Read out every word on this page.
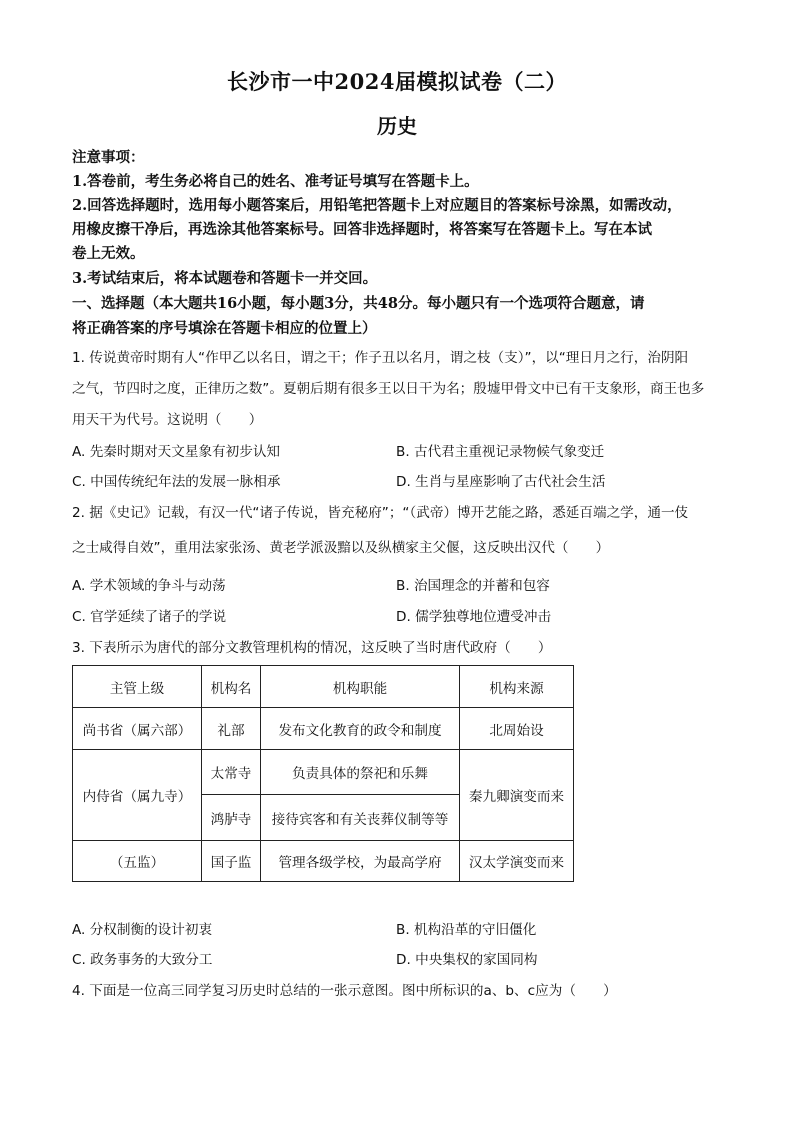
长沙市一中2024届模拟试卷（二）
历史
注意事项：
1.答卷前，考生务必将自己的姓名、准考证号填写在答题卡上。
2.回答选择题时，选用每小题答案后，用铅笔把答题卡上对应题目的答案标号涂黑，如需改动，
用橡皮擦干净后，再选涂其他答案标号。回答非选择题时，将答案写在答题卡上。写在本试
卷上无效。
3.考试结束后，将本试题卷和答题卡一并交回。
一、选择题（本大题共16小题，每小题3分，共48分。每小题只有一个选项符合题意，请
将正确答案的序号填涂在答题卡相应的位置上）
1. 传说黄帝时期有人“作甲乙以名日，谓之干；作子丑以名月，谓之枝（支）”，以“理日月之行，治阴阳
之气，节四时之度，正律历之数”。夏朝后期有很多王以日干为名；殷墟甲骨文中已有干支象形，商王也多
用天干为代号。这说明（　　）
A. 先秦时期对天文星象有初步认知	B. 古代君主重视记录物候气象变迁
C. 中国传统纪年法的发展一脉相承	D. 生肖与星座影响了古代社会生活
2. 据《史记》记载，有汉一代“诸子传说，皆充秘府”；“（武帝）博开艺能之路，悉延百端之学，通一伎
之士咸得自效”，重用法家张汤、黄老学派汲黯以及纵横家主父偃，这反映出汉代（　　）
A. 学术领域的争斗与动荡	B. 治国理念的并蓄和包容
C. 官学延续了诸子的学说	D. 儒学独尊地位遭受冲击
3. 下表所示为唐代的部分文教管理机构的情况，这反映了当时唐代政府（　　）
主管上级	机构名	机构职能	机构来源
尚书省（属六部）	礼部	发布文化教育的政令和制度	北周始设
内侍省（属九寺）	太常寺	负责具体的祭祀和乐舞	秦九卿演变而来
	鸿胪寺	接待宾客和有关丧葬仪制等等	
（五监）	国子监	管理各级学校，为最高学府	汉太学演变而来
A. 分权制衡的设计初衷	B. 机构沿革的守旧僵化
C. 政务事务的大致分工	D. 中央集权的家国同构
4. 下面是一位高三同学复习历史时总结的一张示意图。图中所标识的a、b、c应为（　　）
